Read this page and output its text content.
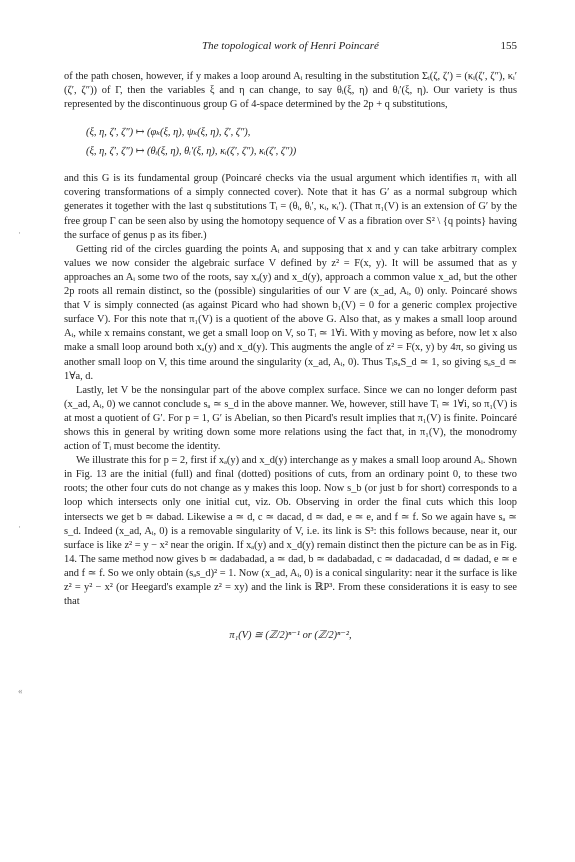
The topological work of Henri Poincaré	155
·
·
«

of the path chosen, however, if y makes a loop around Aᵢ resulting in the substitution Σᵢ(ζ, ζ′) = (κᵢ(ζ′, ζ″), κᵢ′(ζ′, ζ″)) of Γ, then the variables ξ and η can change, to say θᵢ(ξ, η) and θᵢ′(ξ, η). Our variety is thus represented by the discontinuous group G of 4-space determined by the 2p + q substitutions,

(ξ, η, ζ′, ζ″) ↦ (φₖ(ξ, η), ψₖ(ξ, η), ζ′, ζ″),
(ξ, η, ζ′, ζ″) ↦ (θᵢ(ξ, η), θᵢ′(ξ, η), κᵢ(ζ′, ζ″), κᵢ(ζ′, ζ″))

and this G is its fundamental group (Poincaré checks via the usual argument which identifies π₁ with all covering transformations of a simply connected cover). Note that it has G′ as a normal subgroup which generates it together with the last q substitutions Tᵢ = (θᵢ, θᵢ′, κᵢ, κᵢ′). (That π₁(V) is an extension of G′ by the free group Γ can be seen also by using the homotopy sequence of V as a fibration over S² \ {q points} having the surface of genus p as its fiber.)

Getting rid of the circles guarding the points Aᵢ and supposing that x and y can take arbitrary complex values we now consider the algebraic surface V defined by z² = F(x, y). It will be assumed that as y approaches an Aᵢ some two of the roots, say xₐ(y) and x_d(y), approach a common value x_ad, but the other 2p roots all remain distinct, so the (possible) singularities of our V are (x_ad, Aᵢ, 0) only. Poincaré shows that V is simply connected (as against Picard who had shown b₁(V) = 0 for a generic complex projective surface V). For this note that π₁(V) is a quotient of the above G. Also that, as y makes a small loop around Aᵢ, while x remains constant, we get a small loop on V, so Tᵢ ≃ 1∀i. With y moving as before, now let x also make a small loop around both xₐ(y) and x_d(y). This augments the angle of z² = F(x, y) by 4π, so giving us another small loop on V, this time around the singularity (x_ad, Aᵢ, 0). Thus TᵢsₐS_d ≃ 1, so giving sₐs_d ≃ 1∀a, d.

Lastly, let V be the nonsingular part of the above complex surface. Since we can no longer deform past (x_ad, Aᵢ, 0) we cannot conclude sₐ ≃ s_d in the above manner. We, however, still have Tᵢ ≃ 1∀i, so π₁(V) is at most a quotient of G′. For p = 1, G′ is Abelian, so then Picard's result implies that π₁(V) is finite. Poincaré shows this in general by writing down some more relations using the fact that, in π₁(V), the monodromy action of Tᵢ must become the identity.

We illustrate this for p = 2, first if xₐ(y) and x_d(y) interchange as y makes a small loop around Aᵢ. Shown in Fig. 13 are the initial (full) and final (dotted) positions of cuts, from an ordinary point 0, to these two roots; the other four cuts do not change as y makes this loop. Now s_b (or just b for short) corresponds to a loop which intersects only one initial cut, viz. Ob. Observing in order the final cuts which this loop intersects we get b ≃ dabad. Likewise a ≃ d, c ≃ dacad, d ≃ dad, e ≃ e, and f ≃ f. So we again have sₐ ≃ s_d. Indeed (x_ad, Aᵢ, 0) is a removable singularity of V, i.e. its link is S³: this follows because, near it, our surface is like z² = y − x² near the origin. If xₐ(y) and x_d(y) remain distinct then the picture can be as in Fig. 14. The same method now gives b ≃ dadabadad, a ≃ dad, b ≃ dadabadad, c ≃ dadacadad, d ≃ dadad, e ≃ e and f ≃ f. So we only obtain (sₐs_d)² = 1. Now (x_ad, Aᵢ, 0) is a conical singularity: near it the surface is like z² = y² − x² (or Heegard's example z² = xy) and the link is ℝP³. From these considerations it is easy to see that

π₁(V) ≅ (ℤ/2)ⁿ⁻¹ or (ℤ/2)ⁿ⁻²,
